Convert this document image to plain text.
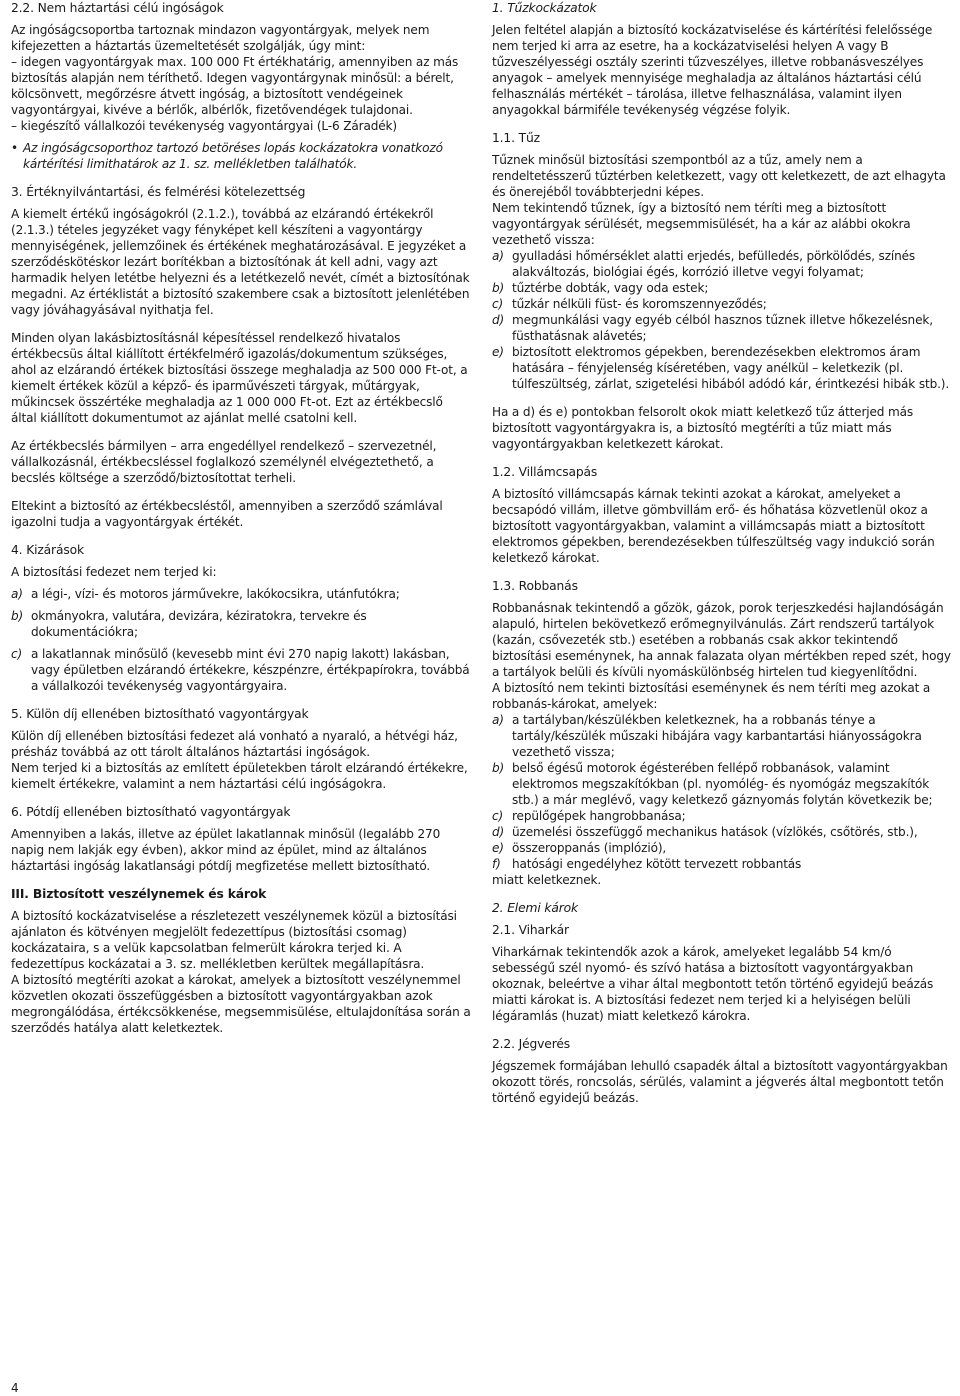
2.2. Nem háztartási célú ingóságok
Az ingóságcsoportba tartoznak mindazon vagyontárgyak, melyek nem kifejezetten a háztartás üzemeltetését szolgálják, úgy mint:
– idegen vagyontárgyak max. 100 000 Ft értékhatárig, amennyiben az más biztosítás alapján nem téríthető. Idegen vagyontárgynak minősül: a bérelt, kölcsönvett, megőrzésre átvett ingóság, a biztosított vendégeinek vagyontárgyai, kivéve a bérlők, albérlők, fizetővendégek tulajdonai.
– kiegészítő vállalkozói tevékenység vagyontárgyai (L-6 Záradék)
• Az ingóságcsoporthoz tartozó betöréses lopás kockázatokra vonatkozó kártérítési limithatárok az 1. sz. mellékletben találhatók.
3. Értéknyilvántartási, és felmérési kötelezettség
A kiemelt értékű ingóságokról (2.1.2.), továbbá az elzárandó értékekről (2.1.3.) tételes jegyzéket vagy fényképet kell készíteni a vagyontárgy mennyiségének, jellemzőinek és értékének meghatározásával. E jegyzéket a szerződéskötéskor lezárt borítékban a biztosítónak át kell adni, vagy azt harmadik helyen letétbe helyezni és a letétkezelő nevét, címét a biztosítónak megadni. Az értéklistát a biztosító szakembere csak a biztosított jelenlétében vagy jóváhagyásával nyithatja fel.
Minden olyan lakásbiztosításnál képesítéssel rendelkező hivatalos értékbecsüs által kiállított értékfelmérő igazolás/dokumentum szükséges, ahol az elzárandó értékek biztosítási összege meghaladja az 500 000 Ft-ot, a kiemelt értékek közül a képző- és iparművészeti tárgyak, műtárgyak, műkincsek összértéke meghaladja az 1 000 000 Ft-ot. Ezt az értékbecslő által kiállított dokumentumot az ajánlat mellé csatolni kell.
Az értékbecslés bármilyen – arra engedéllyel rendelkező – szervezetnél, vállalkozásnál, értékbecsléssel foglalkozó személynél elvégeztethető, a becslés költsége a szerződő/biztosítottat terheli.
Eltekint a biztosító az értékbecsléstől, amennyiben a szerződő számlával igazolni tudja a vagyontárgyak értékét.
4. Kizárások
A biztosítási fedezet nem terjed ki:
a) a légi-, vízi- és motoros járművekre, lakókocsikra, utánfutókra;
b) okmányokra, valutára, devizára, kéziratokra, tervekre és dokumentációkra;
c) a lakatlannak minősülő (kevesebb mint évi 270 napig lakott) lakásban, vagy épületben elzárandó értékekre, készpénzre, értékpapírokra, továbbá a vállalkozói tevékenység vagyontárgyaira.
5. Külön díj ellenében biztosítható vagyontárgyak
Külön díj ellenében biztosítási fedezet alá vonható a nyaraló, a hétvégi ház, présház továbbá az ott tárolt általános háztartási ingóságok.
Nem terjed ki a biztosítás az említett épületekben tárolt elzárandó értékekre, kiemelt értékekre, valamint a nem háztartási célú ingóságokra.
6. Pótdíj ellenében biztosítható vagyontárgyak
Amennyiben a lakás, illetve az épület lakatlannak minősül (legalább 270 napig nem lakják egy évben), akkor mind az épület, mind az általános háztartási ingóság lakatlansági pótdíj megfizetése mellett biztosítható.
III. Biztosított veszélynemek és károk
A biztosító kockázatviselése a részletezett veszélynemek közül a biztosítási ajánlaton és kötvényen megjelölt fedezettípus (biztosítási csomag) kockázataira, s a velük kapcsolatban felmerült károkra terjed ki. A fedezettípus kockázatai a 3. sz. mellékletben kerültek megállapításra.
A biztosító megtéríti azokat a károkat, amelyek a biztosított veszélynemmel közvetlen okozati összefüggésben a biztosított vagyontárgyakban azok megrongálódása, értékcsökkenése, megsemmisülése, eltulajdonítása során a szerződés hatálya alatt keletkeztek.
1. Tűzkockázatok
Jelen feltétel alapján a biztosító kockázatviselése és kártérítési felelőssége nem terjed ki arra az esetre, ha a kockázatviselési helyen A vagy B tűzveszélyességi osztály szerinti tűzveszélyes, illetve robbanásveszélyes anyagok – amelyek mennyisége meghaladja az általános háztartási célú felhasználás mértékét – tárolása, illetve felhasználása, valamint ilyen anyagokkal bármiféle tevékenység végzése folyik.
1.1. Tűz
Tűznek minősül biztosítási szempontból az a tűz, amely nem a rendeltetésszerű tűztérben keletkezett, vagy ott keletkezett, de azt elhagyta és önerejéből továbbterjedni képes.
Nem tekintendő tűznek, így a biztosító nem téríti meg a biztosított vagyontárgyak sérülését, megsemmisülését, ha a kár az alábbi okokra vezethető vissza:
a) gyulladási hőmérséklet alatti erjedés, befülledés, pörkölődés, színés alakváltozás, biológiai égés, korrózió illetve vegyi folyamat;
b) tűztérbe dobták, vagy oda estek;
c) tűzkár nélküli füst- és koromszennyeződés;
d) megmunkálási vagy egyéb célból hasznos tűznek illetve hőkezelésnek, füsthatásnak alávetés;
e) biztosított elektromos gépekben, berendezésekben elektromos áram hatására – fényjelenség kíséretében, vagy anélkül – keletkezik (pl. túlfeszültség, zárlat, szigetelési hibából adódó kár, érintkezési hibák stb.).
Ha a d) és e) pontokban felsorolt okok miatt keletkező tűz átterjed más biztosított vagyontárgyakra is, a biztosító megtéríti a tűz miatt más vagyontárgyakban keletkezett károkat.
1.2. Villámcsapás
A biztosító villámcsapás kárnak tekinti azokat a károkat, amelyeket a becsapódó villám, illetve gömbvillám erő- és hőhatása közvetlenül okoz a biztosított vagyontárgyakban, valamint a villámcsapás miatt a biztosított elektromos gépekben, berendezésekben túlfeszültség vagy indukció során keletkező károkat.
1.3. Robbanás
Robbanásnak tekintendő a gőzök, gázok, porok terjeszkedési hajlandóságán alapuló, hirtelen bekövetkező erőmegnyilvánulás. Zárt rendszerű tartályok (kazán, csővezeték stb.) esetében a robbanás csak akkor tekintendő biztosítási eseménynek, ha annak falazata olyan mértékben reped szét, hogy a tartályok belüli és kívüli nyomáskülönbség hirtelen tud kiegyenlítődni.
A biztosító nem tekinti biztosítási eseménynek és nem téríti meg azokat a robbanás-károkat, amelyek:
a) a tartályban/készülékben keletkeznek, ha a robbanás tényе a tartály/készülék műszaki hibájára vagy karbantartási hiányosságokra vezethető vissza;
b) belső égésű motorok égésterében fellépő robbanások, valamint elektromos megszakítókban (pl. nyomólég- és nyomógáz megszakítók stb.) a már meglévő, vagy keletkező gáznyomás folytán következik be;
c) repülőgépek hangrobbanása;
d) üzemelési összefüggő mechanikus hatások (vízlökés, csőtörés, stb.),
e) összeroppanás (implózió),
f) hatósági engedélyhez kötött tervezett robbantás
miatt keletkeznek.
2. Elemi károk
2.1. Viharkár
Viharkárnak tekintendők azok a károk, amelyeket legalább 54 km/ó sebességű szél nyomó- és szívó hatása a biztosított vagyontárgyakban okoznak, beleértve a vihar által megbontott tetőn történő egyidejű beázás miatti károkat is. A biztosítási fedezet nem terjed ki a helyiségen belüli légáramlás (huzat) miatt keletkező károkra.
2.2. Jégverés
Jégszemek formájában lehulló csapadék által a biztosított vagyontárgyakban okozott törés, roncsolás, sérülés, valamint a jégverés által megbontott tetőn történő egyidejű beázás.
4
